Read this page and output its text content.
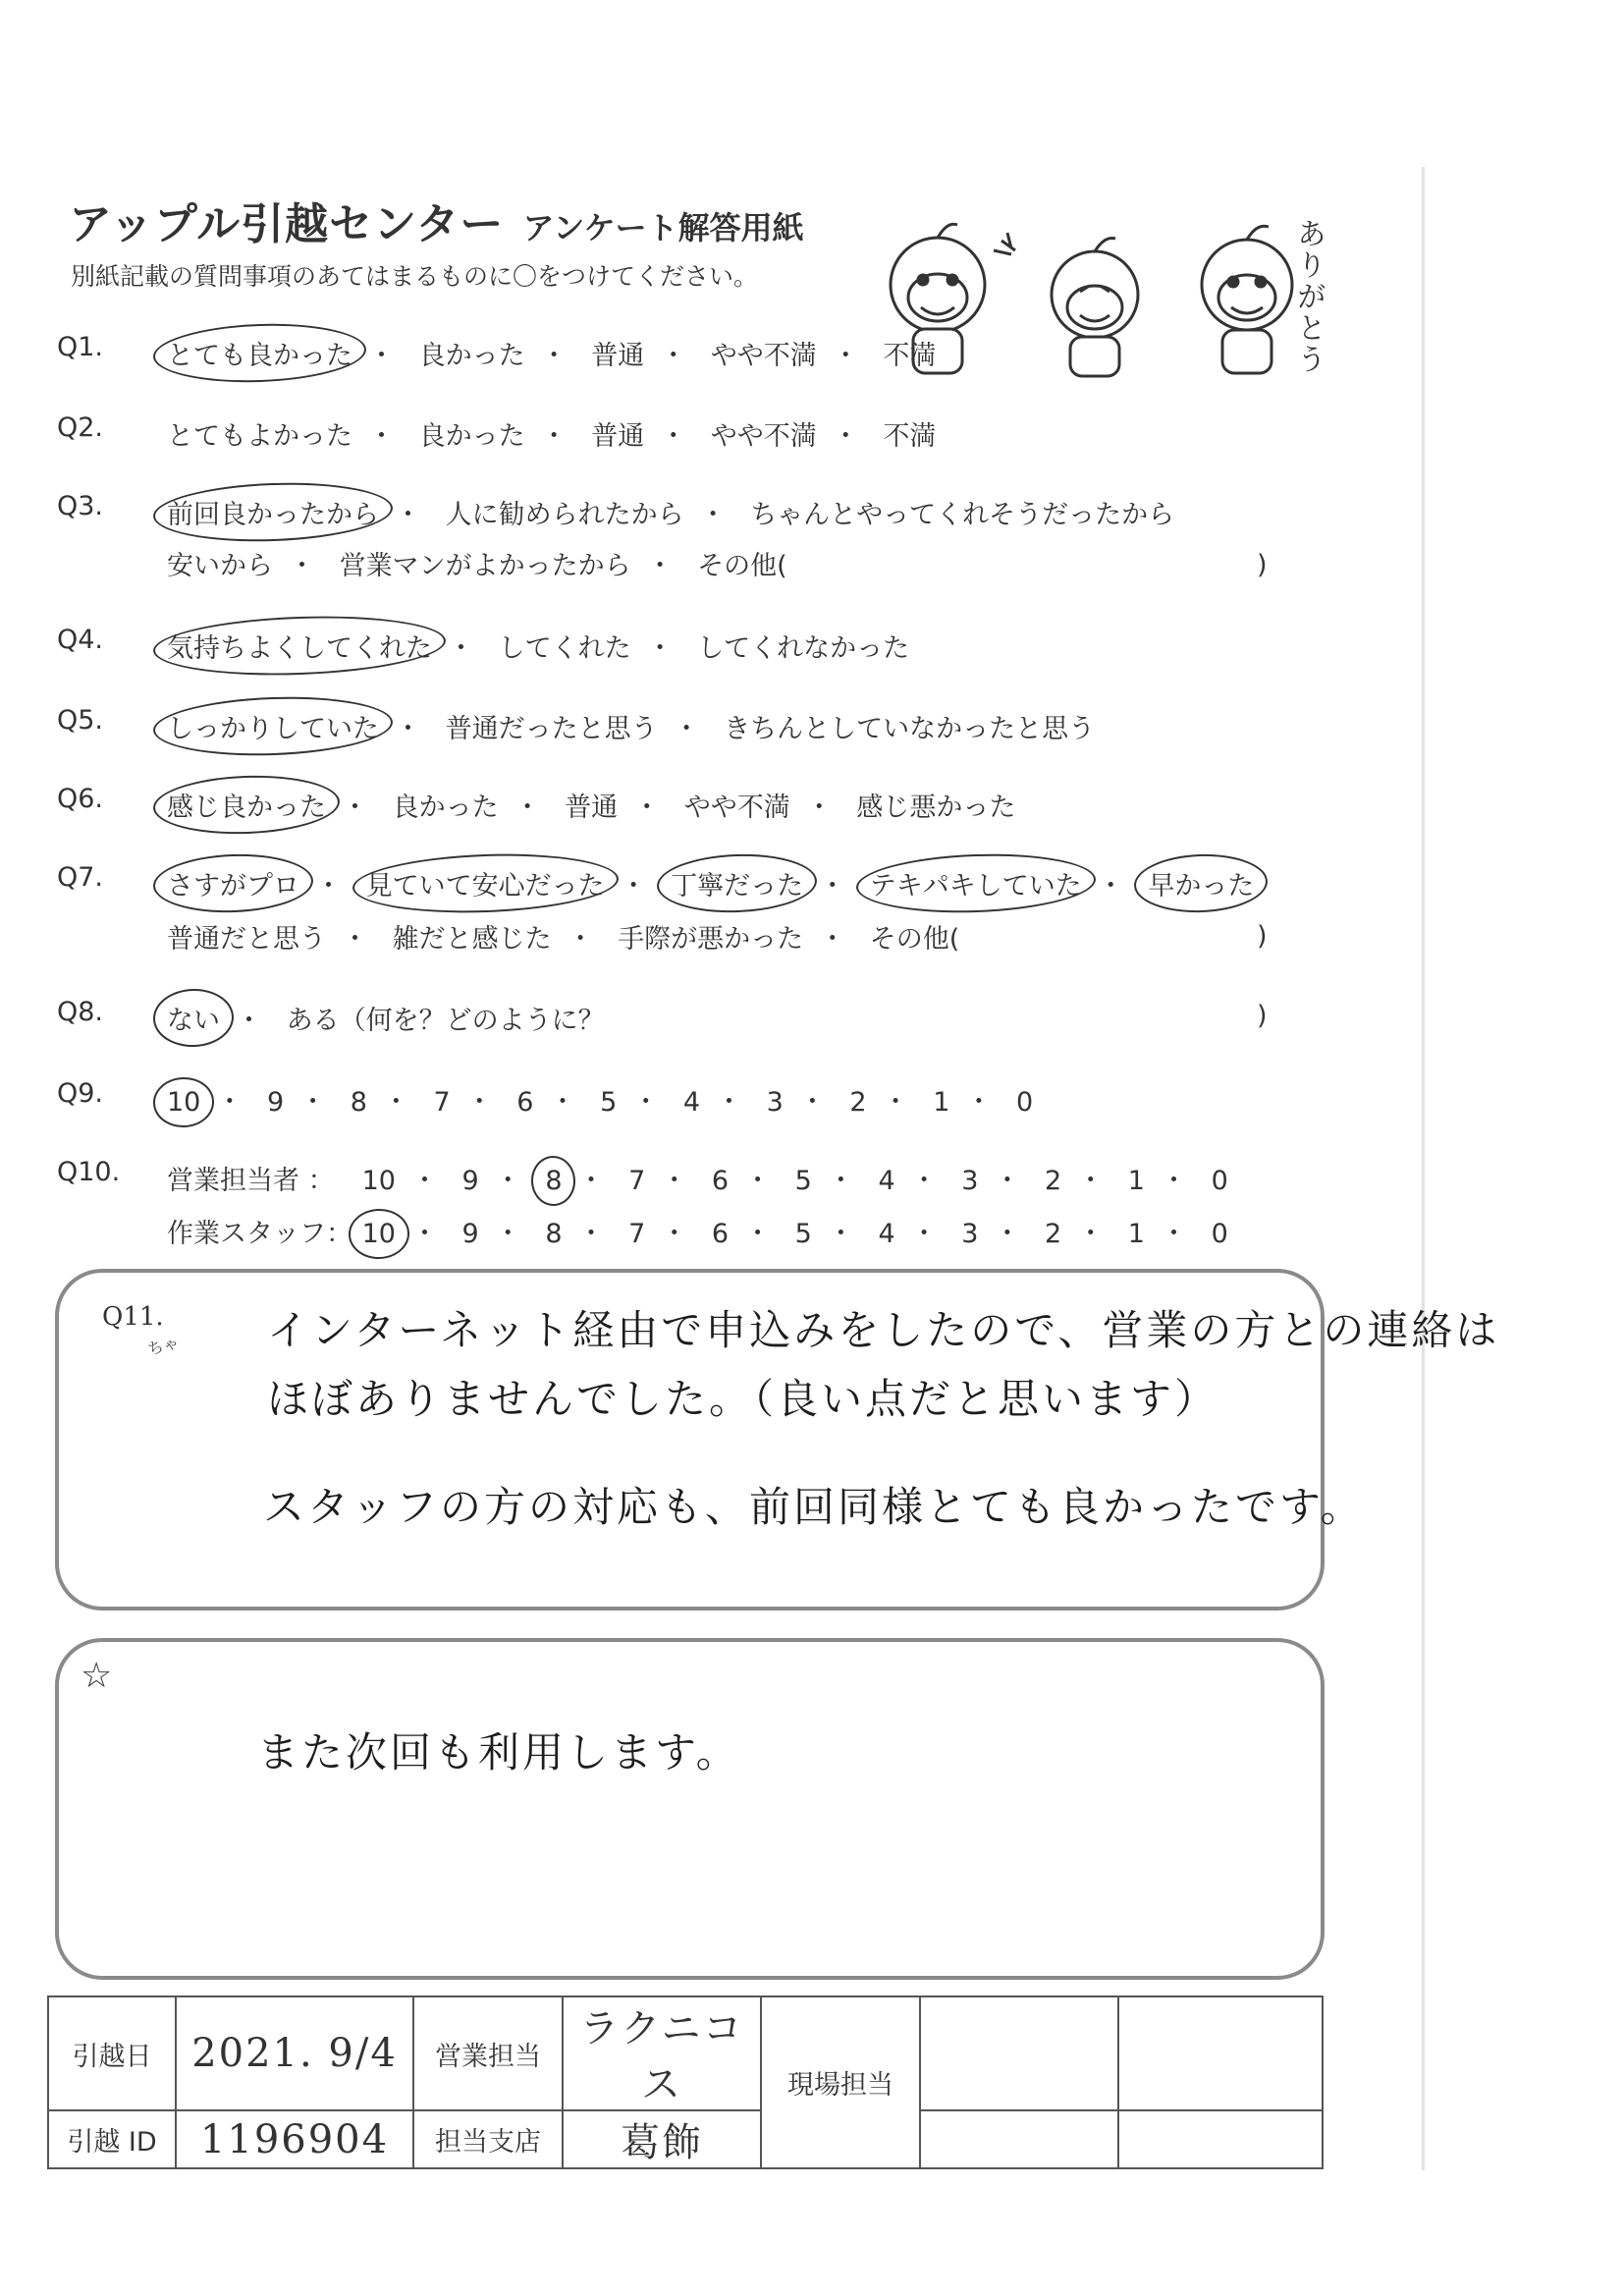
アップル引越センター アンケート解答用紙
別紙記載の質問事項のあてはまるものに〇をつけてください。	ありがとう
Q1. とても良かった ・ 良かった ・ 普通 ・ やや不満 ・ 不満
Q2. とてもよかった ・ 良かった ・ 普通 ・ やや不満 ・ 不満
Q3. 前回良かったから ・ 人に勧められたから ・ ちゃんとやってくれそうだったから
安いから ・ 営業マンがよかったから ・ その他(	)
Q4. 気持ちよくしてくれた ・ してくれた ・ してくれなかった
Q5. しっかりしていた ・ 普通だったと思う ・ きちんとしていなかったと思う
Q6. 感じ良かった ・ 良かった ・ 普通 ・ やや不満 ・ 感じ悪かった
Q7. さすがプロ ・ 見ていて安心だった ・ 丁寧だった ・ テキパキしていた ・ 早かった
普通だと思う ・ 雑だと感じた ・ 手際が悪かった ・ その他(	)
Q8. ない ・ ある（何を？どのように？	)
Q9. 10 ・ 9 ・ 8 ・ 7 ・ 6 ・ 5 ・ 4 ・ 3 ・ 2 ・ 1 ・ 0
Q10. 営業担当者 ： 10 ・ 9 ・ 8 ・ 7 ・ 6 ・ 5 ・ 4 ・ 3 ・ 2 ・ 1 ・ 0
作業スタッフ： 10 ・ 9 ・ 8 ・ 7 ・ 6 ・ 5 ・ 4 ・ 3 ・ 2 ・ 1 ・ 0
Q11.
ちゃ インターネット経由で申込みをしたので、営業の方との連絡は
ほぼありませんでした。（良い点だと思います）
スタッフの方の対応も、前回同様とても良かったです。
☆
また次回も利用します。
引越日	2021. 9/4	営業担当	ラクニコス	現場担当		
引越 ID	1196904	担当支店	葛飾			
